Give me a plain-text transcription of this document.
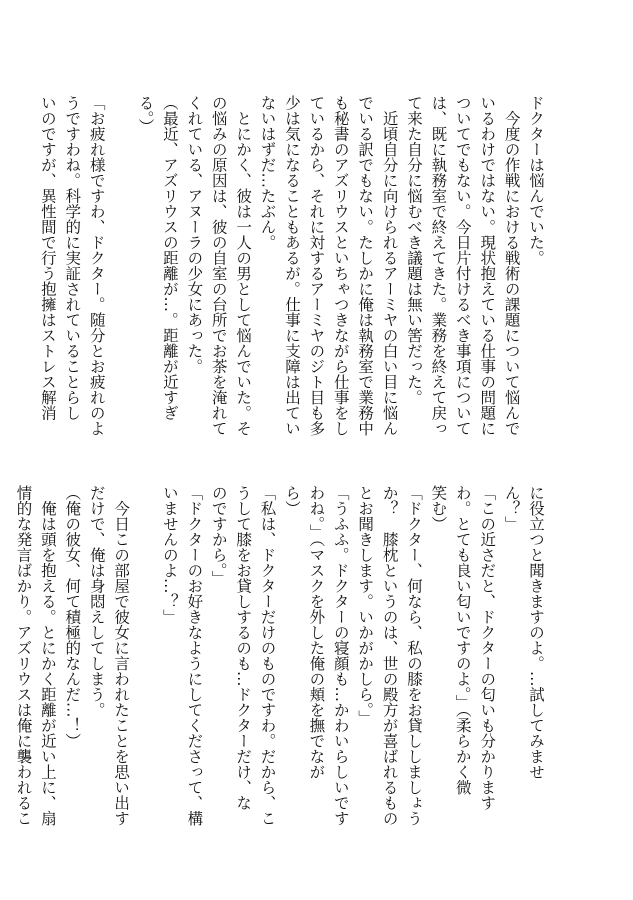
ドクターは悩んでいた。
　今度の作戦における戦術の課題について悩んで
いるわけではない。現状抱えている仕事の問題に
ついてでもない。今日片付けるべき事項について
は、既に執務室で終えてきた。業務を終えて戻っ
て来た自分に悩むべき議題は無い筈だった。
　近頃自分に向けられるアーミヤの白い目に悩ん
でいる訳でもない。たしかに俺は執務室で業務中
も秘書のアズリウスといちゃつきながら仕事をし
ているから、それに対するアーミヤのジト目も多
少は気になることもあるが。仕事に支障は出てい
ないはずだ…たぶん。
　とにかく、彼は一人の男として悩んでいた。そ
の悩みの原因は、彼の自室の台所でお茶を淹れて
くれている、アヌーラの少女にあった。
（最近、アズリウスの距離が…。距離が近すぎ
る。）
「お疲れ様ですわ、ドクター。随分とお疲れのよ
うですわね。科学的に実証されていることらし
いのですが、異性間で行う抱擁はストレス解消
に役立つと聞きますのよ。…試してみませ
ん？」
「この近さだと、ドクターの匂いも分かります
わ。とても良い匂いですのよ。」（柔らかく微
笑む）
「ドクター、何なら、私の膝をお貸ししましょう
か？　膝枕というのは、世の殿方が喜ばれるもの
とお聞きします。いかがかしら。」
「うふふ。ドクターの寝顔も…かわいらしいです
わね。」（マスクを外した俺の頬を撫でなが
ら）
「私は、ドクターだけのものですわ。だから、こ
うして膝をお貸しするのも…ドクターだけ、な
のですから。」
「ドクターのお好きなようにしてくださって、構
いませんのよ…？」
　今日この部屋で彼女に言われたことを思い出す
だけで、俺は身悶えしてしまう。
（俺の彼女、何て積極的なんだ…！）
　俺は頭を抱える。とにかく距離が近い上に、扇
情的な発言ばかり。アズリウスは俺に襲われるこ
